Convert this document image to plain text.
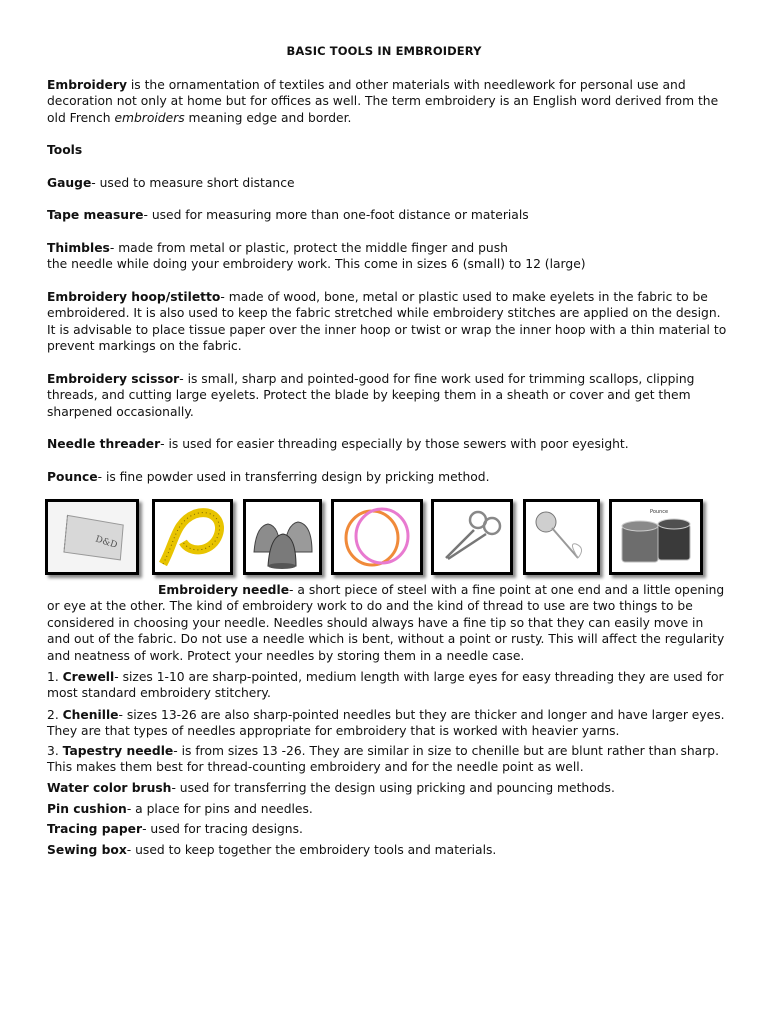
BASIC TOOLS IN EMBROIDERY
Embroidery is the ornamentation of textiles and other materials with needlework for personal use and decoration not only at home but for offices as well. The term embroidery is an English word derived from the old French embroiders meaning edge and border.
Tools
Gauge- used to measure short distance
Tape measure- used for measuring more than one-foot distance or materials
Thimbles- made from metal or plastic, protect the middle finger and push
the needle while doing your embroidery work. This come in sizes 6 (small) to 12 (large)
Embroidery hoop/stiletto- made of wood, bone, metal or plastic used to make eyelets in the fabric to be embroidered. It is also used to keep the fabric stretched while embroidery stitches are applied on the design. It is advisable to place tissue paper over the inner hoop or twist or wrap the inner hoop with a thin material to prevent markings on the fabric.
Embroidery scissor- is small, sharp and pointed-good for fine work used for trimming scallops, clipping threads, and cutting large eyelets. Protect the blade by keeping them in a sheath or cover and get them sharpened occasionally.
Needle threader- is used for easier threading especially by those sewers with poor eyesight.
Pounce- is fine powder used in transferring design by pricking method.
D&D
Pounce
Embroidery needle- a short piece of steel with a fine point at one end and a little opening or eye at the other. The kind of embroidery work to do and the kind of thread to use are two things to be considered in choosing your needle. Needles should always have a fine tip so that they can easily move in and out of the fabric. Do not use a needle which is bent, without a point or rusty. This will affect the regularity and neatness of work. Protect your needles by storing them in a needle case.
1. Crewell- sizes 1-10 are sharp-pointed, medium length with large eyes for easy threading they are used for most standard embroidery stitchery.
2. Chenille- sizes 13-26 are also sharp-pointed needles but they are thicker and longer and have larger eyes. They are that types of needles appropriate for embroidery that is worked with heavier yarns.
3. Tapestry needle- is from sizes 13 -26. They are similar in size to chenille but are blunt rather than sharp. This makes them best for thread-counting embroidery and for the needle point as well.
Water color brush- used for transferring the design using pricking and pouncing methods.
Pin cushion- a place for pins and needles.
Tracing paper- used for tracing designs.
Sewing box- used to keep together the embroidery tools and materials.
